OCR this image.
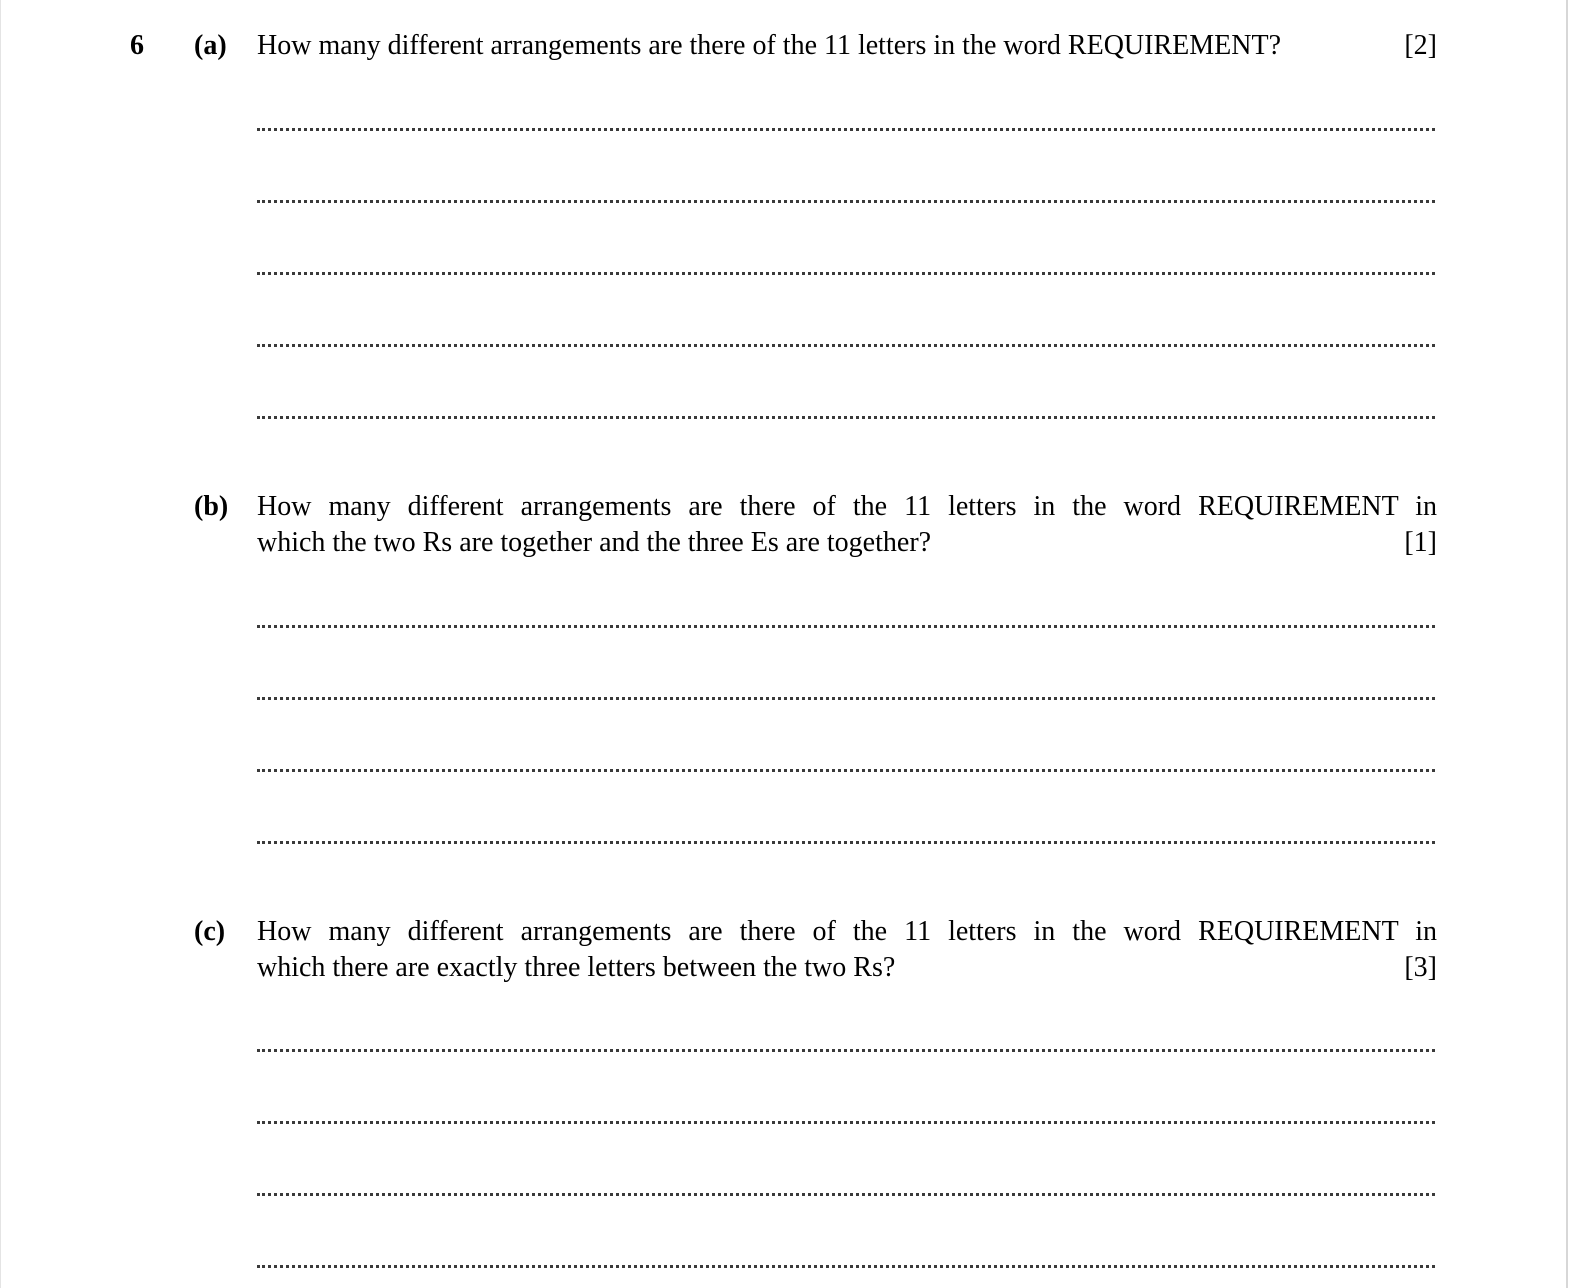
6 (a) How many different arrangements are there of the 11 letters in the word REQUIREMENT?	[2]
(b) How many different arrangements are there of the 11 letters in the word REQUIREMENT in
which the two Rs are together and the three Es are together?	[1]
(c) How many different arrangements are there of the 11 letters in the word REQUIREMENT in
which there are exactly three letters between the two Rs?	[3]
